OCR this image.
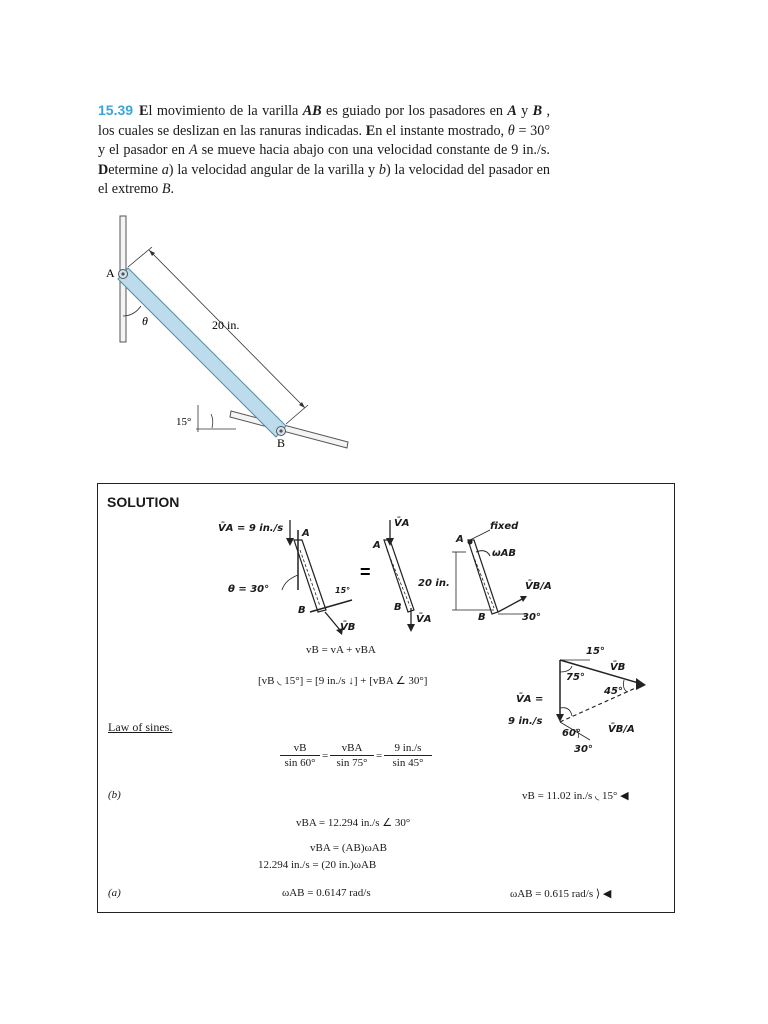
15.39 El movimiento de la varilla AB es guiado por los pasadores en A y B , los cuales se deslizan en las ranuras indicadas. En el instante mostrado, θ = 30° y el pasador en A se mueve hacia abajo con una velocidad constante de 9 in./s. Determine a) la velocidad angular de la varilla y b) la velocidad del pasador en el extremo B.
A
B
θ	20 in.
15°
SOLUTION
=
V̄A = 9 in./s
θ = 30°
A
B
15°
V̄B
A
V̄A
B
V̄A
fixed
A
ωAB
20 in.	V̄B/A
B	30°
vB = vA + vBA
[vB ◟ 15°] = [9 in./s ↓] + [vBA ∠ 30°]
15°
75°
V̄B
45°
V̄A =
9 in./s
60°
30°
V̄B/A
Law of sines.
$\frac{vB}{\sin 60^\circ}$ =
vBA
sin 75°
= $\frac{9 in./s}{\sin 45^\circ}$
(b)	vB = 11.02 in./s ◟ 15° ◀
vBA = 12.294 in./s ∠ 30°
vBA = (AB)ωAB
12.294 in./s = (20 in.)ωAB
(a)	ωAB = 0.6147 rad/s	ωAB = 0.615 rad/s ⟩ ◀
